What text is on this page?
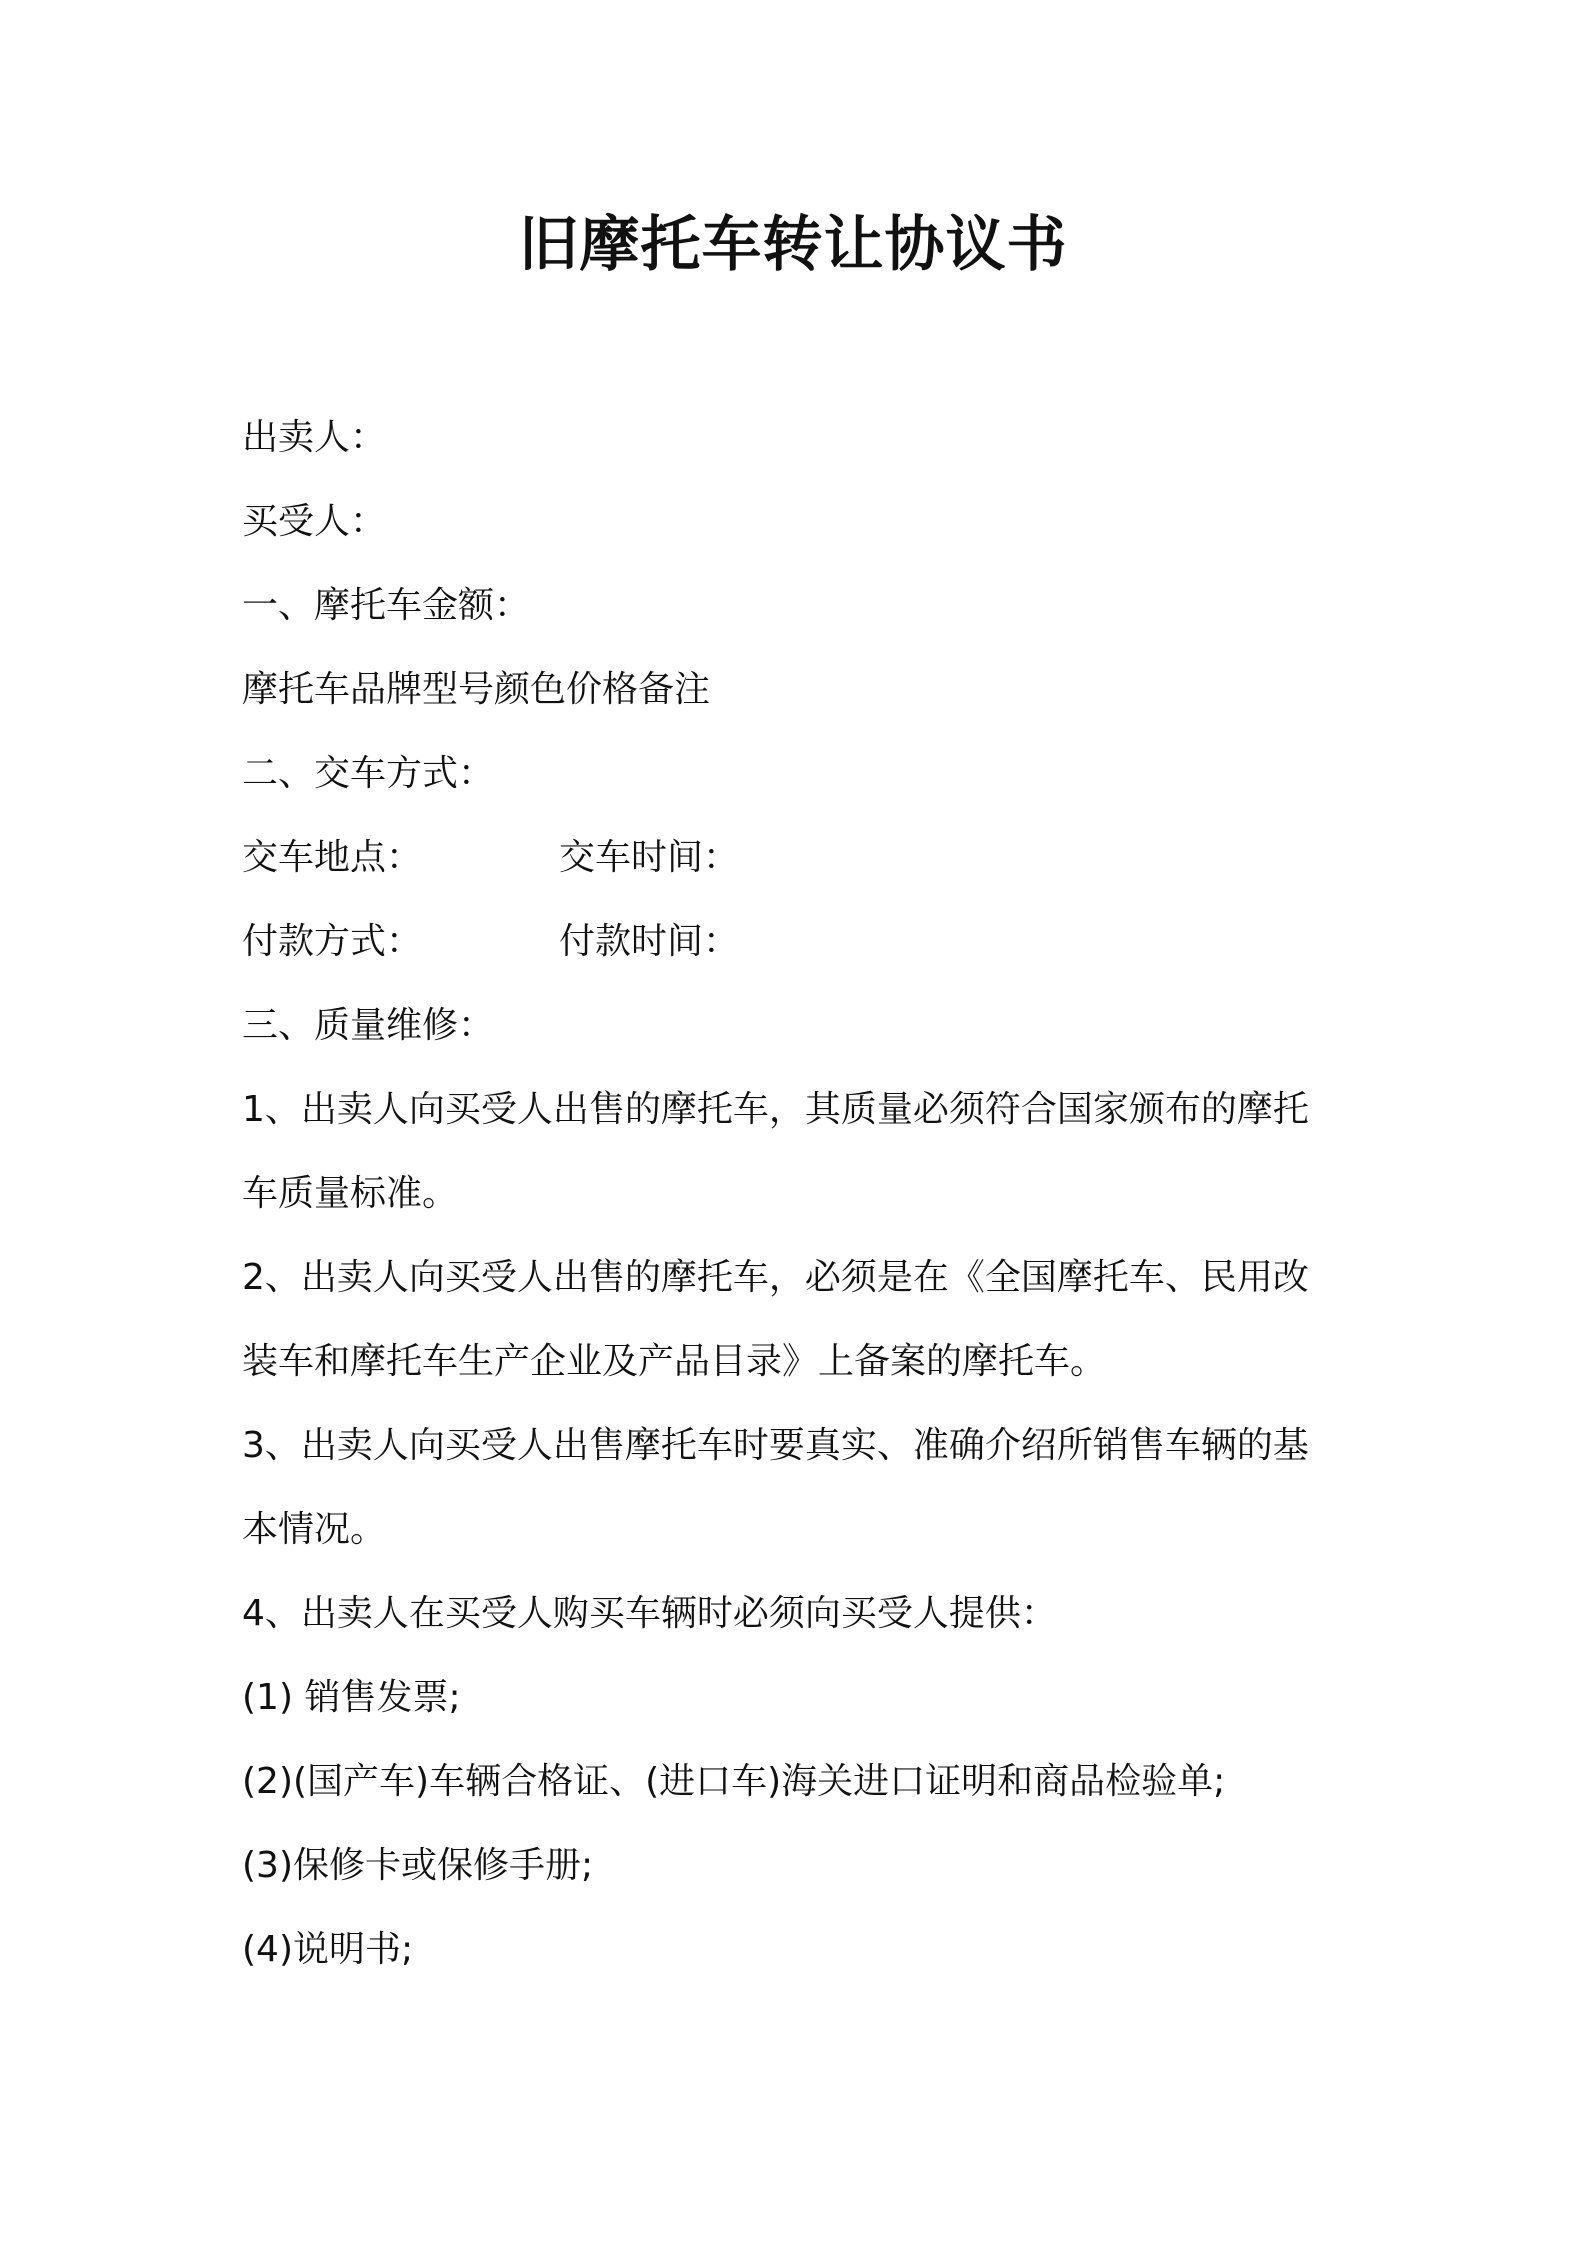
旧摩托车转让协议书
出卖人：
买受人：
一、摩托车金额：
摩托车品牌型号颜色价格备注
二、交车方式：
交车地点：	交车时间：
付款方式：	付款时间：
三、质量维修：
1、出卖人向买受人出售的摩托车，其质量必须符合国家颁布的摩托
车质量标准。
2、出卖人向买受人出售的摩托车，必须是在《全国摩托车、民用改
装车和摩托车生产企业及产品目录》上备案的摩托车。
3、出卖人向买受人出售摩托车时要真实、准确介绍所销售车辆的基
本情况。
4、出卖人在买受人购买车辆时必须向买受人提供：
(1) 销售发票;
(2)(国产车)车辆合格证、(进口车)海关进口证明和商品检验单;
(3)保修卡或保修手册;
(4)说明书;
